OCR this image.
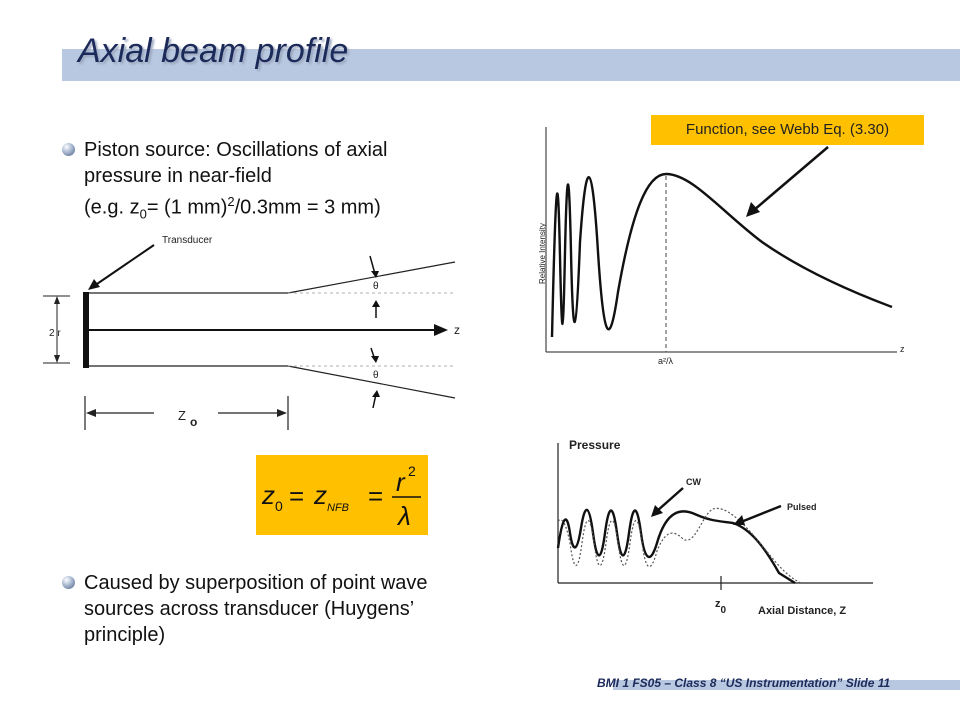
Axial beam profile
Piston source: Oscillations of axial
pressure in near-field
(e.g. $z_0= (1$ mm)$^2$/0.3mm = 3 mm)
Caused by superposition of point wave
sources across transducer (Huygens’
principle)
Transducer
z
2 r
θ
θ
Z o
z 0 = z NFB = r 2
λ
Relative Intensity
z
a²/λ
Function, see Webb Eq. (3.30)
Pressure
CW
Pulsed
z0	Axial Distance, Z
BMI 1 FS05 – Class 8 “US Instrumentation” Slide 11
